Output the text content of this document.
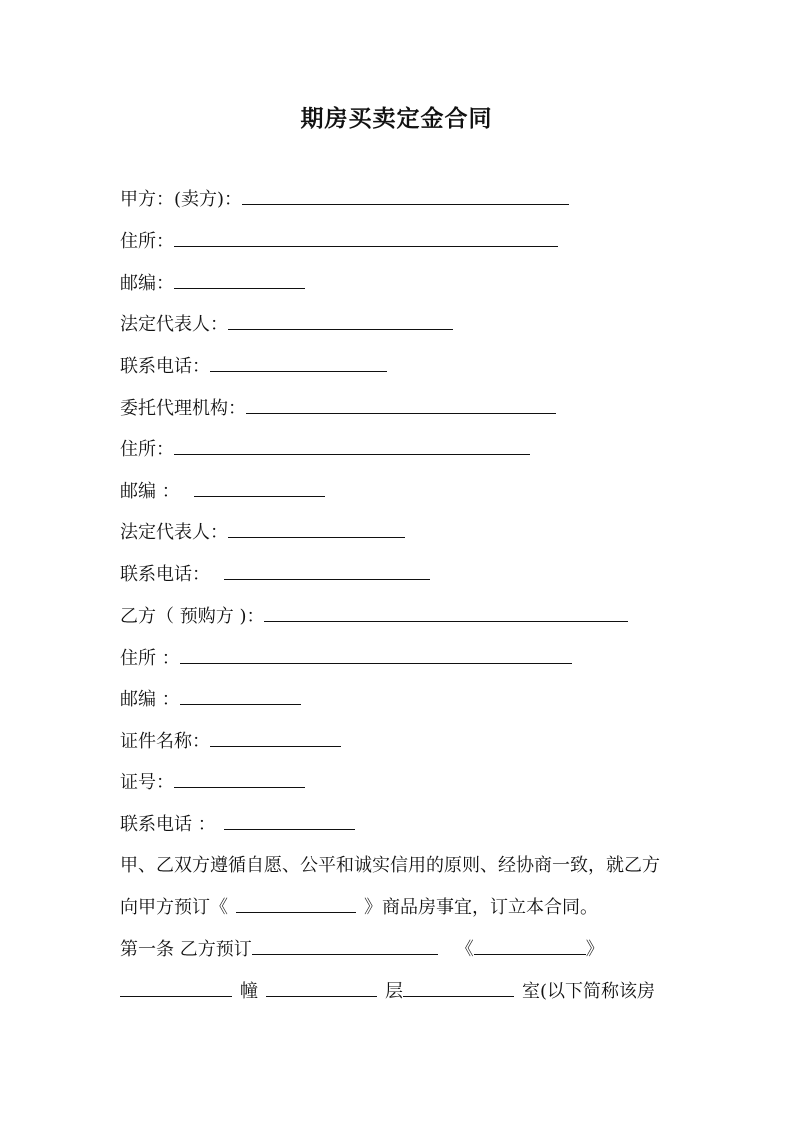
期房买卖定金合同
甲方：(卖方)：
住所：
邮编：
法定代表人：
联系电话：
委托代理机构：
住所：
邮编 ：
法定代表人：
联系电话：
乙方（ 预购方 )：
住所 ：
邮编 ：
证件名称：
证号：
联系电话 ：
甲、乙双方遵循自愿、公平和诚实信用的原则、经协商一致，就乙方
向甲方预订《	》商品房事宜，订立本合同。
第一条 乙方预订	《	》
幢	层	室(以下简称该房
